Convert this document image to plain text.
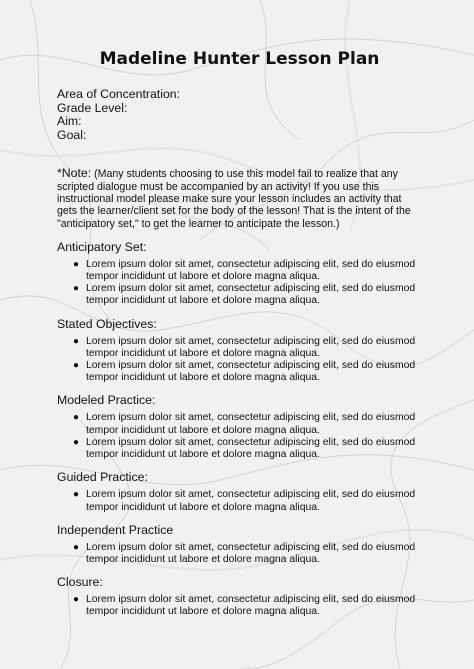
Madeline Hunter Lesson Plan
Area of Concentration:
Grade Level:
Aim:
Goal:
*Note: (Many students choosing to use this model fail to realize that any scripted dialogue must be accompanied by an activity! If you use this instructional model please make sure your lesson includes an activity that gets the learner/client set for the body of the lesson! That is the intent of the "anticipatory set," to get the learner to anticipate the lesson.)
Anticipatory Set:
● Lorem ipsum dolor sit amet, consectetur adipiscing elit, sed do eiusmod tempor incididunt ut labore et dolore magna aliqua.
● Lorem ipsum dolor sit amet, consectetur adipiscing elit, sed do eiusmod tempor incididunt ut labore et dolore magna aliqua.
Stated Objectives:
● Lorem ipsum dolor sit amet, consectetur adipiscing elit, sed do eiusmod tempor incididunt ut labore et dolore magna aliqua.
● Lorem ipsum dolor sit amet, consectetur adipiscing elit, sed do eiusmod tempor incididunt ut labore et dolore magna aliqua.
Modeled Practice:
● Lorem ipsum dolor sit amet, consectetur adipiscing elit, sed do eiusmod tempor incididunt ut labore et dolore magna aliqua.
● Lorem ipsum dolor sit amet, consectetur adipiscing elit, sed do eiusmod tempor incididunt ut labore et dolore magna aliqua.
Guided Practice:
● Lorem ipsum dolor sit amet, consectetur adipiscing elit, sed do eiusmod tempor incididunt ut labore et dolore magna aliqua.
Independent Practice
● Lorem ipsum dolor sit amet, consectetur adipiscing elit, sed do eiusmod tempor incididunt ut labore et dolore magna aliqua.
Closure:
● Lorem ipsum dolor sit amet, consectetur adipiscing elit, sed do eiusmod tempor incididunt ut labore et dolore magna aliqua.
